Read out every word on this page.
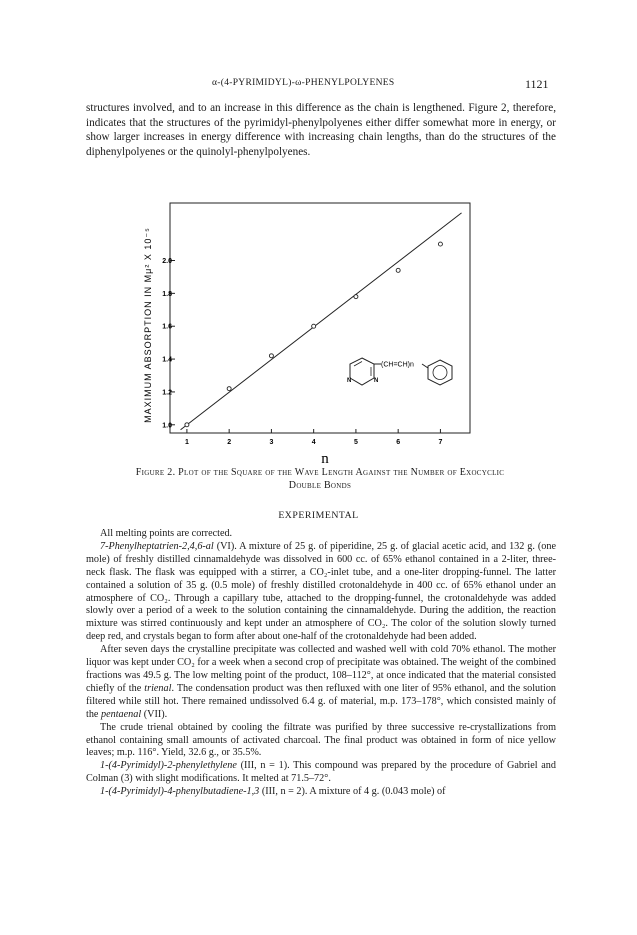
α-(4-PYRIMIDYL)-ω-PHENYLPOLYENES	1121

structures involved, and to an increase in this difference as the chain is lengthened. Figure 2, therefore, indicates that the structures of the pyrimidyl-phenylpolyenes either differ somewhat more in energy, or show larger increases in energy difference with increasing chain lengths, than do the structures of the diphenylpolyenes or the quinolyl-phenylpolyenes.

1.0
1.2
1.4
1.6
1.8
2.0
1	2	3	4	5	6	7
MAXIMUM ABSORPTION IN Mμ² X 10⁻⁵
n
N	N
(CH=CH)n
Figure 2. Plot of the Square of the Wave Length Against the Number of Exocyclic
Double Bonds
EXPERIMENTAL

All melting points are corrected.

7-Phenylheptatrien-2,4,6-al (VI). A mixture of 25 g. of piperidine, 25 g. of glacial acetic acid, and 132 g. (one mole) of freshly distilled cinnamaldehyde was dissolved in 600 cc. of 65% ethanol contained in a 2-liter, three-neck flask. The flask was equipped with a stirrer, a CO₂-inlet tube, and a one-liter dropping-funnel. The latter contained a solution of 35 g. (0.5 mole) of freshly distilled crotonaldehyde in 400 cc. of 65% ethanol under an atmosphere of CO₂. Through a capillary tube, attached to the dropping-funnel, the crotonaldehyde was added slowly over a period of a week to the solution containing the cinnamaldehyde. During the addition, the reaction mixture was stirred continuously and kept under an atmosphere of CO₂. The color of the solution slowly turned deep red, and crystals began to form after about one-half of the crotonaldehyde had been added.

After seven days the crystalline precipitate was collected and washed well with cold 70% ethanol. The mother liquor was kept under CO₂ for a week when a second crop of precipitate was obtained. The weight of the combined fractions was 49.5 g. The low melting point of the product, 108–112°, at once indicated that the material consisted chiefly of the trienal. The condensation product was then refluxed with one liter of 95% ethanol, and the solution filtered while still hot. There remained undissolved 6.4 g. of material, m.p. 173–178°, which consisted mainly of the pentaenal (VII).

The crude trienal obtained by cooling the filtrate was purified by three successive re-crystallizations from ethanol containing small amounts of activated charcoal. The final product was obtained in form of nice yellow leaves; m.p. 116°. Yield, 32.6 g., or 35.5%.

1-(4-Pyrimidyl)-2-phenylethylene (III, n = 1). This compound was prepared by the procedure of Gabriel and Colman (3) with slight modifications. It melted at 71.5–72°.

1-(4-Pyrimidyl)-4-phenylbutadiene-1,3 (III, n = 2). A mixture of 4 g. (0.043 mole) of
